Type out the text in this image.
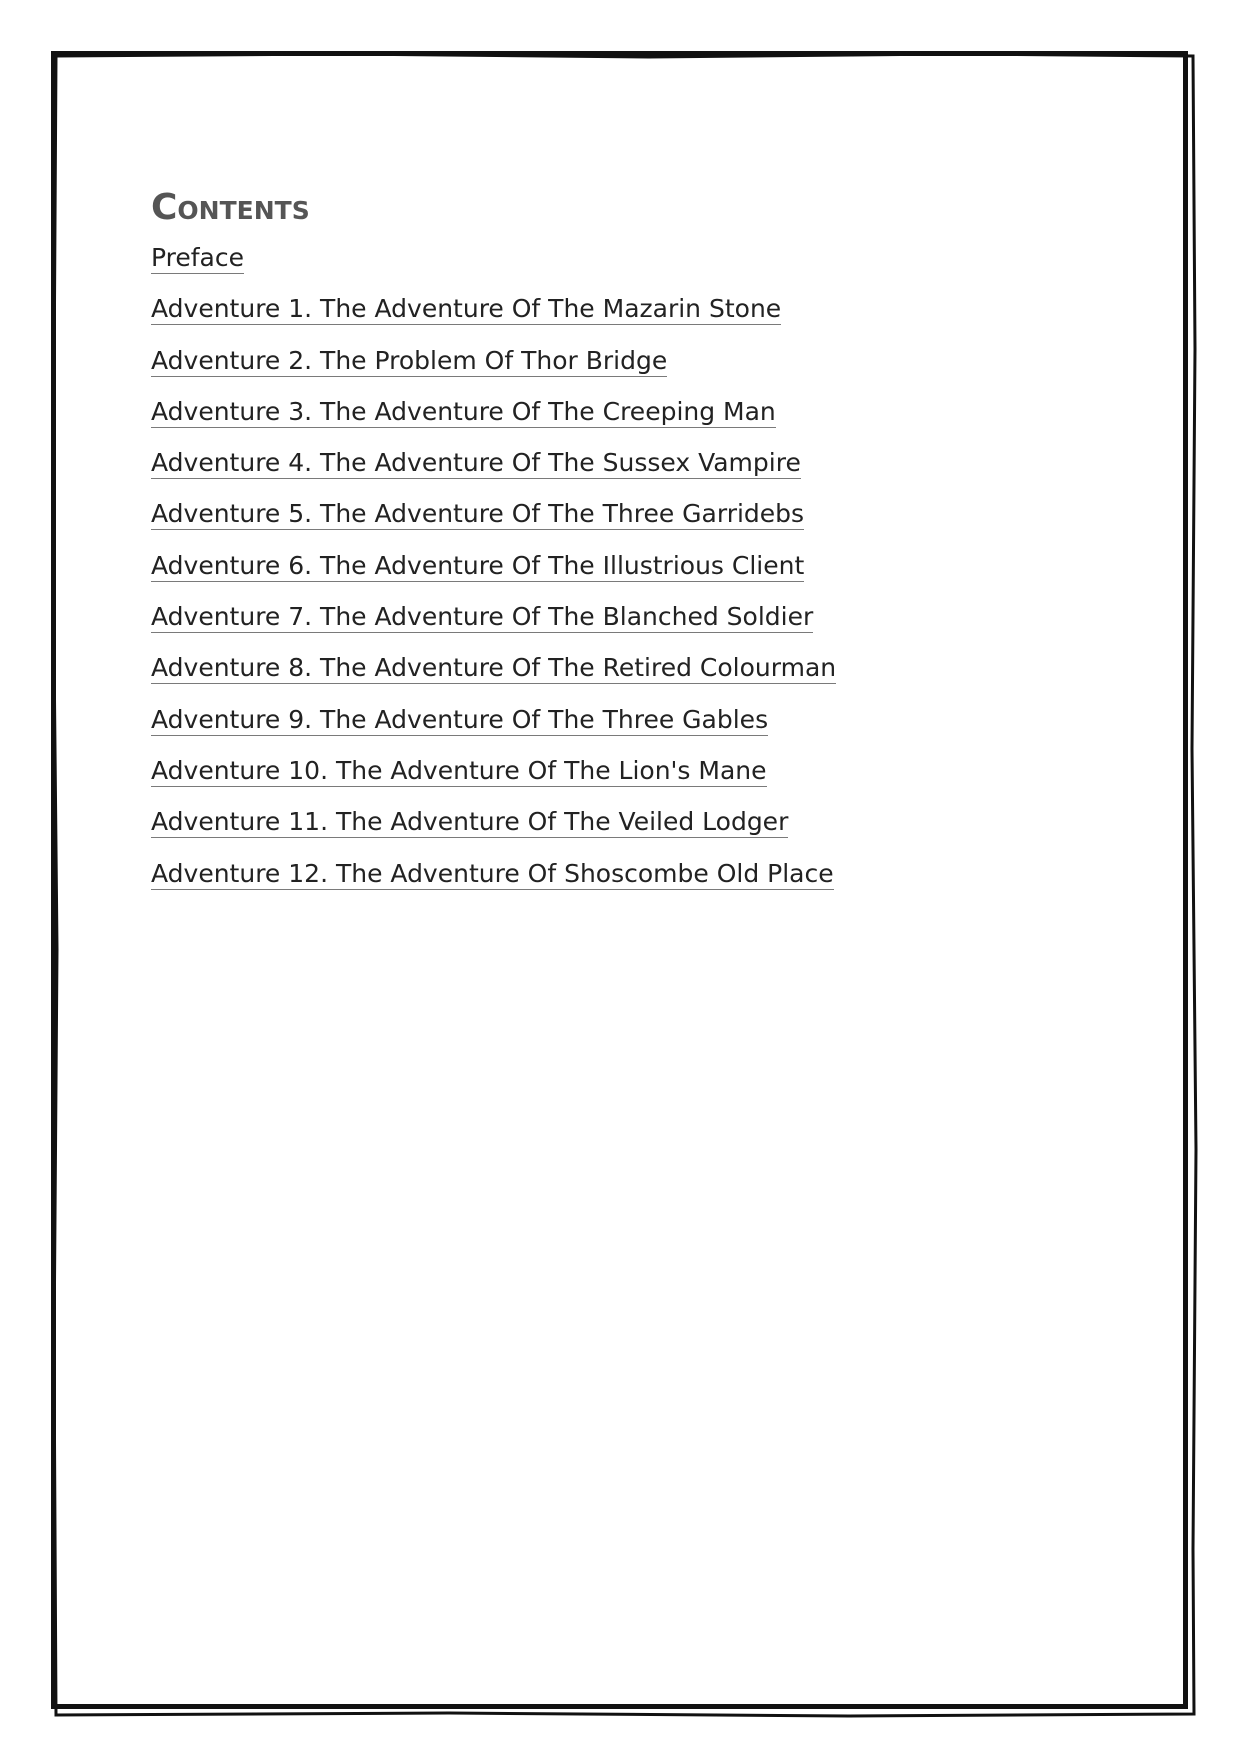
Contents
Preface
Adventure 1. The Adventure Of The Mazarin Stone
Adventure 2. The Problem Of Thor Bridge
Adventure 3. The Adventure Of The Creeping Man
Adventure 4. The Adventure Of The Sussex Vampire
Adventure 5. The Adventure Of The Three Garridebs
Adventure 6. The Adventure Of The Illustrious Client
Adventure 7. The Adventure Of The Blanched Soldier
Adventure 8. The Adventure Of The Retired Colourman
Adventure 9. The Adventure Of The Three Gables
Adventure 10. The Adventure Of The Lion's Mane
Adventure 11. The Adventure Of The Veiled Lodger
Adventure 12. The Adventure Of Shoscombe Old Place
